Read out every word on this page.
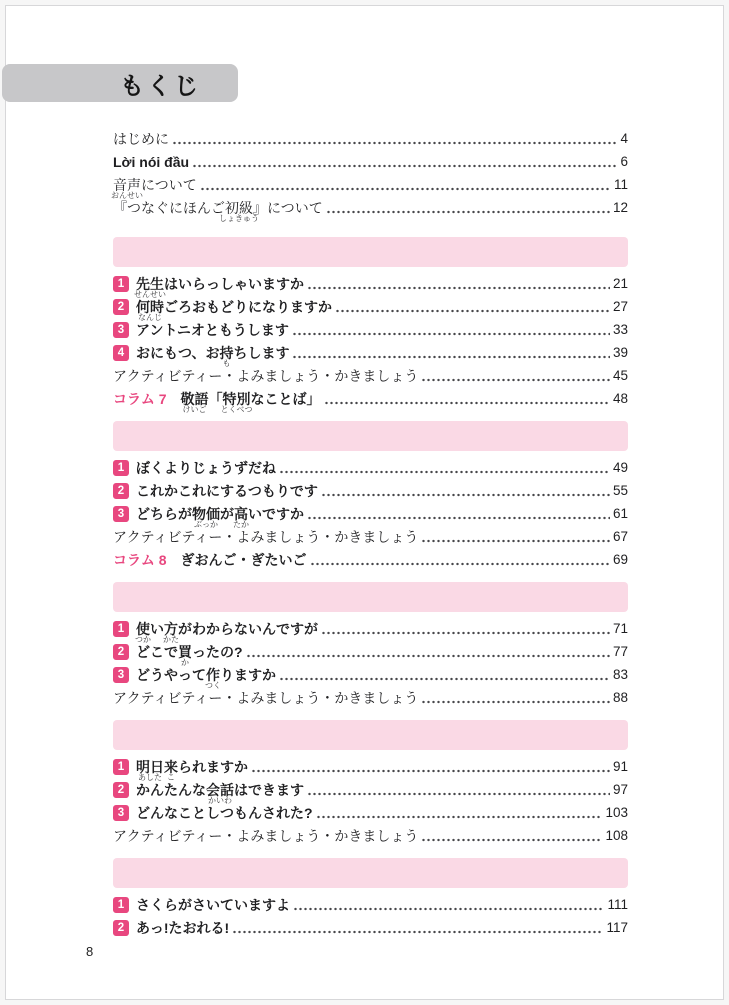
もくじ
はじめに	4
Lời nói đầu	6
音声
おんせい
について	11
『つなぐにほんご初級
しょきゅう
』について	12
1 先生
せんせい
はいらっしゃいますか	21
2 何時
なんじ
ごろおもどりになりますか	27
3 アントニオともうします	33
4 おにもつ、お持
も
ちします	39
アクティビティー・よみましょう・かきましょう	45
コラム 7 敬語
けいご
「特別
とくべつ
なことば」	48
1 ぼくよりじょうずだね	49
2 これかこれにするつもりです	55
3 どちらが物価
ぶっか
が高
たか
いですか	61
アクティビティー・よみましょう・かきましょう	67
コラム 8 ぎおんご・ぎたいご	69
1 使
つか
い方
かた
がわからないんですが	71
2 どこで買
か
ったの?	77
3 どうやって作
つく
りますか	83
アクティビティー・よみましょう・かきましょう	88
1 明日
あした
来
こ
られますか	91
2 かんたんな会話
かいわ
はできます	97
3 どんなことしつもんされた?	103
アクティビティー・よみましょう・かきましょう	108
1 さくらがさいていますよ	111
2 あっ!たおれる!	117
8
